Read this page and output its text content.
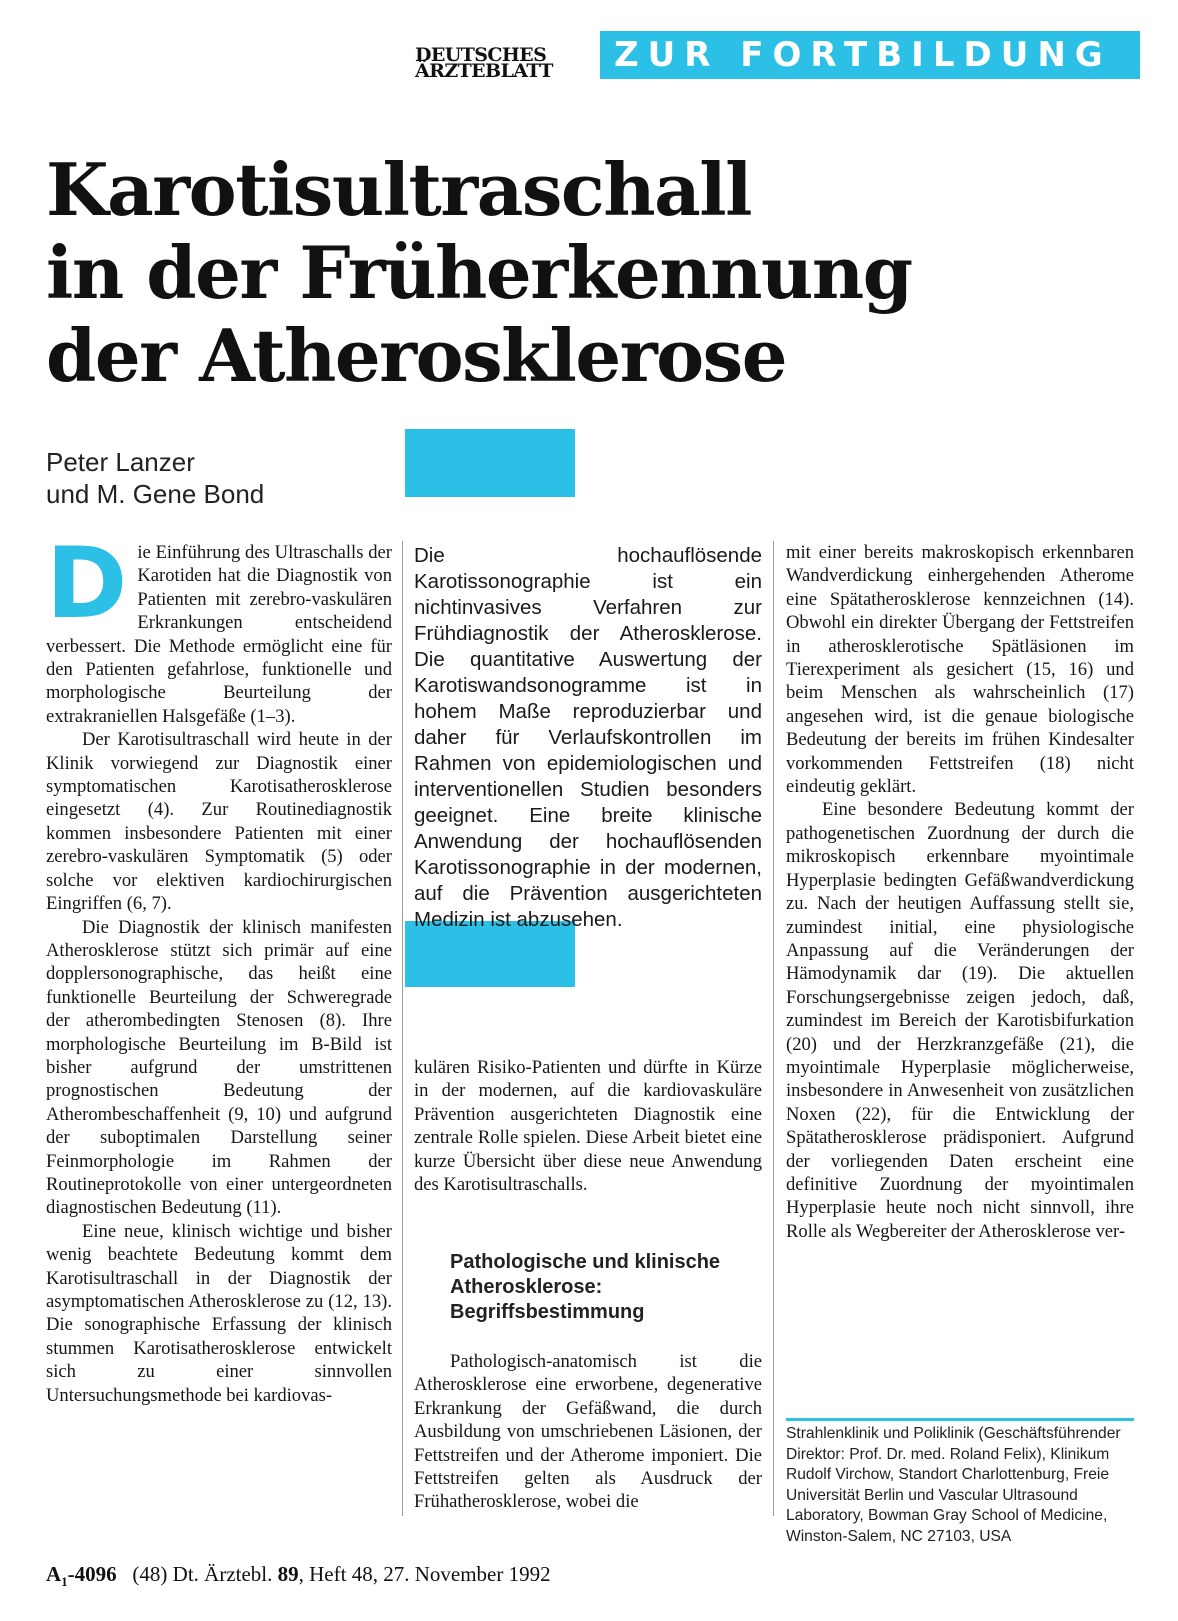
DEUTSCHES
ÄRZTEBLATT	ZUR FORTBILDUNG
Karotisultraschall
in der Früherkennung
der Atherosklerose
Peter Lanzer
und M. Gene Bond

Die Einführung des Ultraschalls der Karotiden hat die Diagnostik von Patienten mit zerebro-vaskulären Erkrankungen entscheidend verbessert. Die Methode ermöglicht eine für den Patienten gefahrlose, funktionelle und morphologische Beurteilung der extrakraniellen Halsgefäße (1–3).

Der Karotisultraschall wird heute in der Klinik vorwiegend zur Diagnostik einer symptomatischen Karotisatherosklerose eingesetzt (4). Zur Routinediagnostik kommen insbesondere Patienten mit einer zerebro-vaskulären Symptomatik (5) oder solche vor elektiven kardiochirurgischen Eingriffen (6, 7).

Die Diagnostik der klinisch manifesten Atherosklerose stützt sich primär auf eine dopplersonographische, das heißt eine funktionelle Beurteilung der Schweregrade der atherombedingten Stenosen (8). Ihre morphologische Beurteilung im B-Bild ist bisher aufgrund der umstrittenen prognostischen Bedeutung der Atherombeschaffenheit (9, 10) und aufgrund der suboptimalen Darstellung seiner Feinmorphologie im Rahmen der Routineprotokolle von einer untergeordneten diagnostischen Bedeutung (11).

Eine neue, klinisch wichtige und bisher wenig beachtete Bedeutung kommt dem Karotisultraschall in der Diagnostik der asymptomatischen Atherosklerose zu (12, 13). Die sonographische Erfassung der klinisch stummen Karotisatherosklerose entwickelt sich zu einer sinnvollen Untersuchungsmethode bei kardiovas-

Die hochauflösende Karotissonographie ist ein nichtinvasives Verfahren zur Frühdiagnostik der Atherosklerose. Die quantitative Auswertung der Karotiswandsonogramme ist in hohem Maße reproduzierbar und daher für Verlaufskontrollen im Rahmen von epidemiologischen und interventionellen Studien besonders geeignet. Eine breite klinische Anwendung der hochauflösenden Karotissonographie in der modernen, auf die Prävention ausgerichteten Medizin ist abzusehen.

kulären Risiko-Patienten und dürfte in Kürze in der modernen, auf die kardiovaskuläre Prävention ausgerichteten Diagnostik eine zentrale Rolle spielen. Diese Arbeit bietet eine kurze Übersicht über diese neue Anwendung des Karotisultraschalls.

Pathologische und klinische Atherosklerose: Begriffsbestimmung

Pathologisch-anatomisch ist die Atherosklerose eine erworbene, degenerative Erkrankung der Gefäßwand, die durch Ausbildung von umschriebenen Läsionen, der Fettstreifen und der Atherome imponiert. Die Fettstreifen gelten als Ausdruck der Frühatherosklerose, wobei die

mit einer bereits makroskopisch erkennbaren Wandverdickung einhergehenden Atherome eine Spätatherosklerose kennzeichnen (14). Obwohl ein direkter Übergang der Fettstreifen in atherosklerotische Spätläsionen im Tierexperiment als gesichert (15, 16) und beim Menschen als wahrscheinlich (17) angesehen wird, ist die genaue biologische Bedeutung der bereits im frühen Kindesalter vorkommenden Fettstreifen (18) nicht eindeutig geklärt.

Eine besondere Bedeutung kommt der pathogenetischen Zuordnung der durch die mikroskopisch erkennbare myointimale Hyperplasie bedingten Gefäßwandverdickung zu. Nach der heutigen Auffassung stellt sie, zumindest initial, eine physiologische Anpassung auf die Veränderungen der Hämodynamik dar (19). Die aktuellen Forschungsergebnisse zeigen jedoch, daß, zumindest im Bereich der Karotisbifurkation (20) und der Herzkranzgefäße (21), die myointimale Hyperplasie möglicherweise, insbesondere in Anwesenheit von zusätzlichen Noxen (22), für die Entwicklung der Spätatherosklerose prädisponiert. Aufgrund der vorliegenden Daten erscheint eine definitive Zuordnung der myointimalen Hyperplasie heute noch nicht sinnvoll, ihre Rolle als Wegbereiter der Atherosklerose ver-

Strahlenklinik und Poliklinik (Geschäftsführender Direktor: Prof. Dr. med. Roland Felix), Klinikum Rudolf Virchow, Standort Charlottenburg, Freie Universität Berlin und Vascular Ultrasound Laboratory, Bowman Gray School of Medicine, Winston-Salem, NC 27103, USA

$A_1-4096$ (48) Dt. Ärztebl. 89, Heft 48, 27. November 1992
